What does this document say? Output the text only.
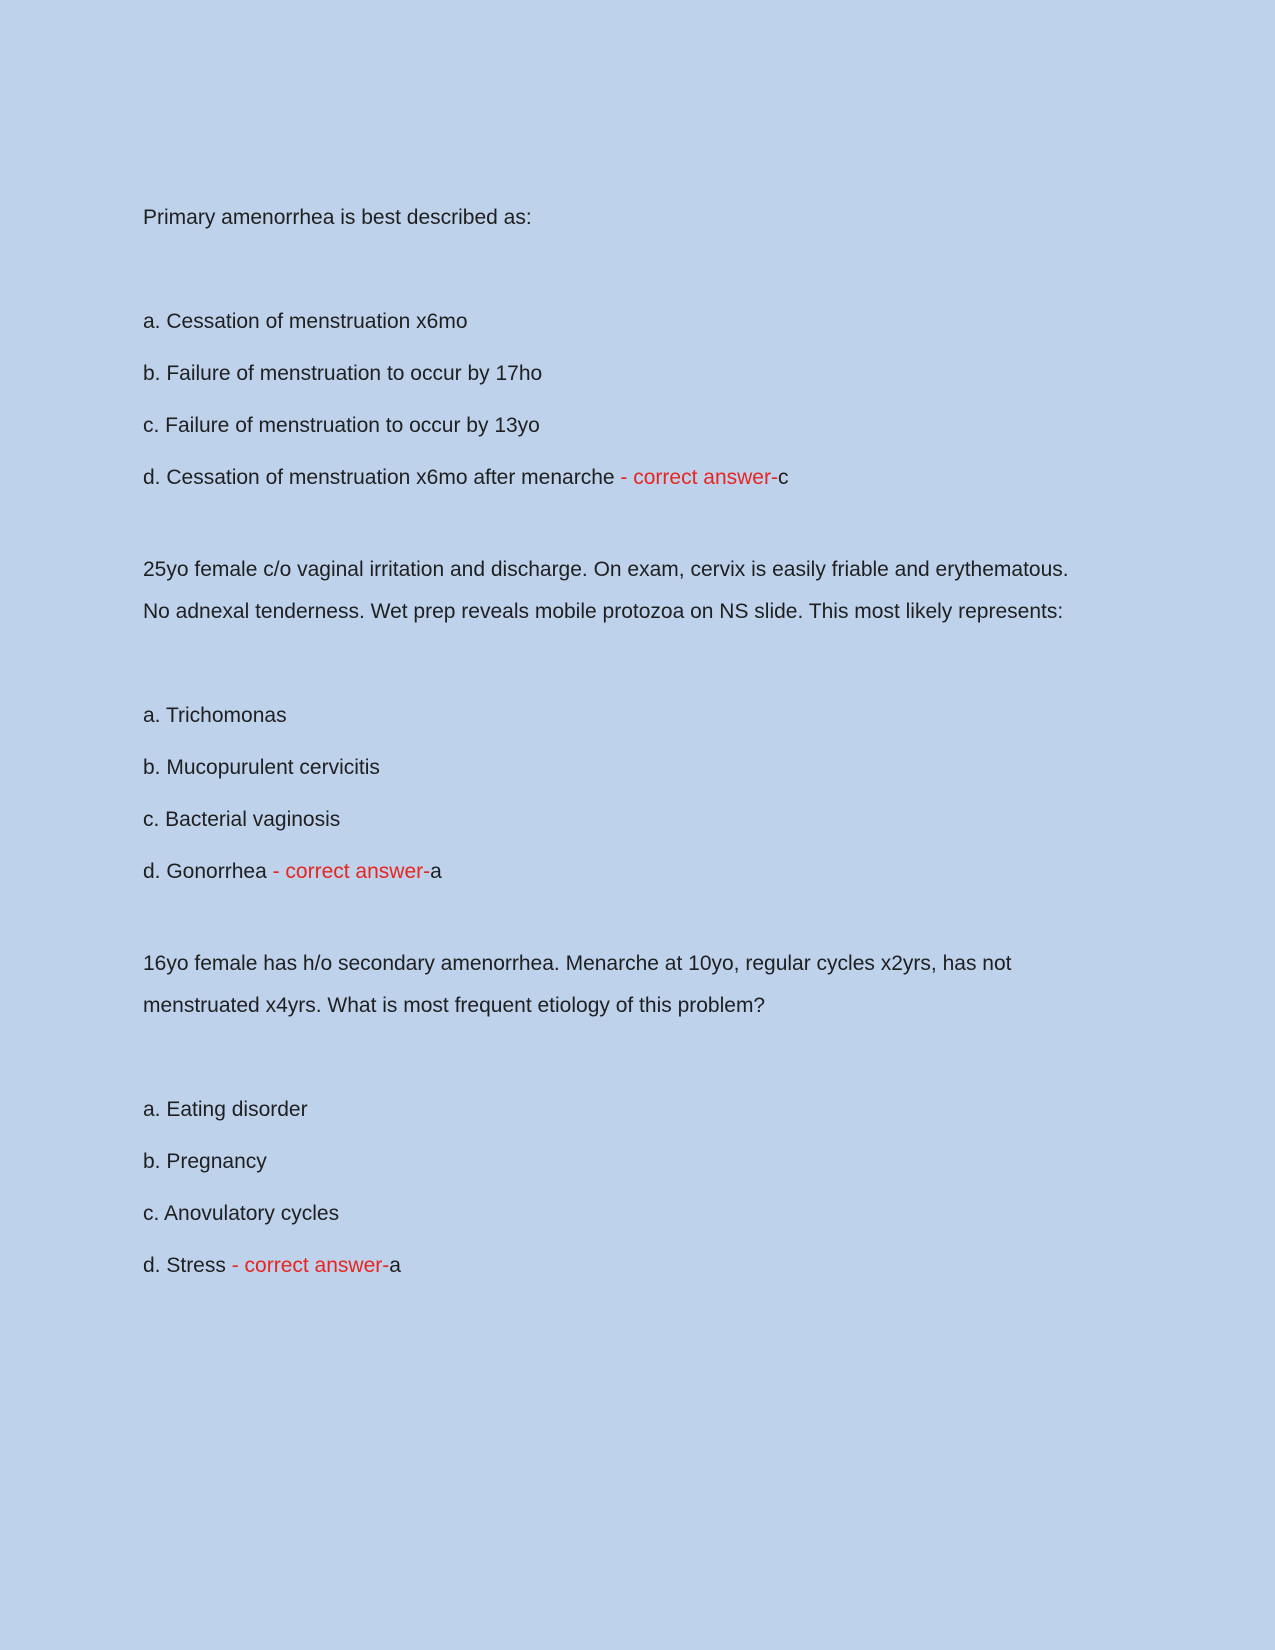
Primary amenorrhea is best described as:

a. Cessation of menstruation x6mo

b. Failure of menstruation to occur by 17ho

c. Failure of menstruation to occur by 13yo

d. Cessation of menstruation x6mo after menarche - correct answer-c

25yo female c/o vaginal irritation and discharge. On exam, cervix is easily friable and erythematous. No adnexal tenderness. Wet prep reveals mobile protozoa on NS slide. This most likely represents:

a. Trichomonas

b. Mucopurulent cervicitis

c. Bacterial vaginosis

d. Gonorrhea - correct answer-a

16yo female has h/o secondary amenorrhea. Menarche at 10yo, regular cycles x2yrs, has not menstruated x4yrs. What is most frequent etiology of this problem?

a. Eating disorder

b. Pregnancy

c. Anovulatory cycles

d. Stress - correct answer-a
